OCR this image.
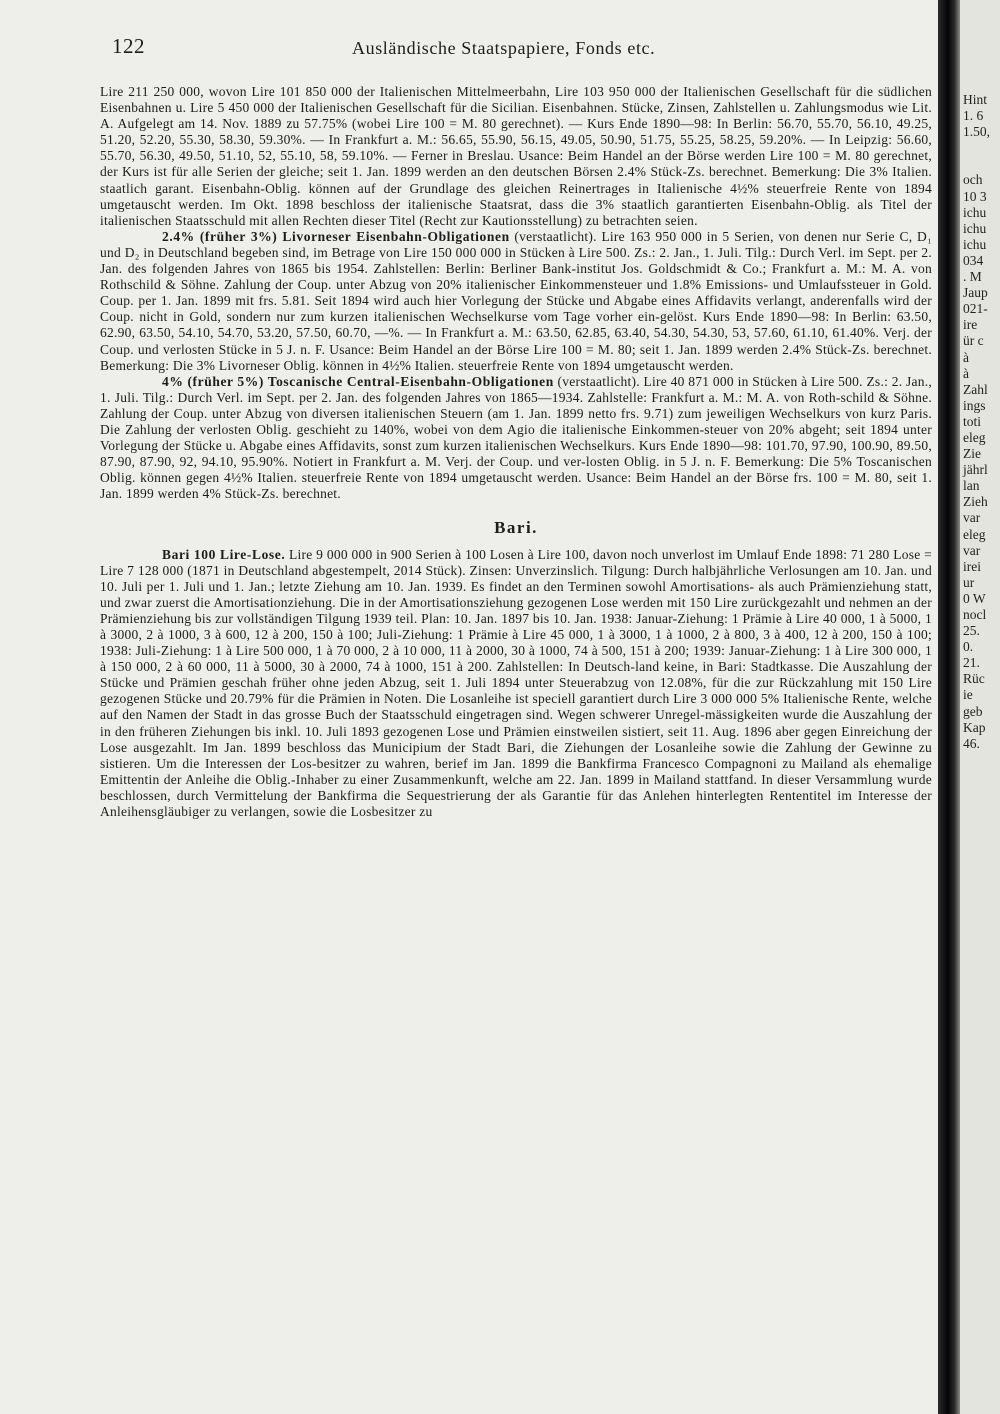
122	Ausländische Staatspapiere, Fonds etc.

Lire 211 250 000, wovon Lire 101 850 000 der Italienischen Mittelmeerbahn, Lire 103 950 000 der Italienischen Gesellschaft für die südlichen Eisenbahnen u. Lire 5 450 000 der Italienischen Gesellschaft für die Sicilian. Eisenbahnen. Stücke, Zinsen, Zahlstellen u. Zahlungsmodus wie Lit. A. Aufgelegt am 14. Nov. 1889 zu 57.75% (wobei Lire 100 = M. 80 gerechnet). — Kurs Ende 1890—98: In Berlin: 56.70, 55.70, 56.10, 49.25, 51.20, 52.20, 55.30, 58.30, 59.30%. — In Frankfurt a. M.: 56.65, 55.90, 56.15, 49.05, 50.90, 51.75, 55.25, 58.25, 59.20%. — In Leipzig: 56.60, 55.70, 56.30, 49.50, 51.10, 52, 55.10, 58, 59.10%. — Ferner in Breslau. Usance: Beim Handel an der Börse werden Lire 100 = M. 80 gerechnet, der Kurs ist für alle Serien der gleiche; seit 1. Jan. 1899 werden an den deutschen Börsen 2.4% Stück-Zs. berechnet. Bemerkung: Die 3% Italien. staatlich garant. Eisenbahn-Oblig. können auf der Grundlage des gleichen Reinertrages in Italienische 4½% steuerfreie Rente von 1894 umgetauscht werden. Im Okt. 1898 beschloss der italienische Staatsrat, dass die 3% staatlich garantierten Eisenbahn-Oblig. als Titel der italienischen Staatsschuld mit allen Rechten dieser Titel (Recht zur Kautionsstellung) zu betrachten seien.

2.4% (früher 3%) Livorneser Eisenbahn-Obligationen (verstaatlicht). Lire 163 950 000 in 5 Serien, von denen nur Serie C, D₁ und D₂ in Deutschland begeben sind, im Betrage von Lire 150 000 000 in Stücken à Lire 500. Zs.: 2. Jan., 1. Juli. Tilg.: Durch Verl. im Sept. per 2. Jan. des folgenden Jahres von 1865 bis 1954. Zahlstellen: Berlin: Berliner Bank-institut Jos. Goldschmidt & Co.; Frankfurt a. M.: M. A. von Rothschild & Söhne. Zahlung der Coup. unter Abzug von 20% italienischer Einkommensteuer und 1.8% Emissions- und Umlaufssteuer in Gold. Coup. per 1. Jan. 1899 mit frs. 5.81. Seit 1894 wird auch hier Vorlegung der Stücke und Abgabe eines Affidavits verlangt, anderenfalls wird der Coup. nicht in Gold, sondern nur zum kurzen italienischen Wechselkurse vom Tage vorher ein-gelöst. Kurs Ende 1890—98: In Berlin: 63.50, 62.90, 63.50, 54.10, 54.70, 53.20, 57.50, 60.70, —%. — In Frankfurt a. M.: 63.50, 62.85, 63.40, 54.30, 54.30, 53, 57.60, 61.10, 61.40%. Verj. der Coup. und verlosten Stücke in 5 J. n. F. Usance: Beim Handel an der Börse Lire 100 = M. 80; seit 1. Jan. 1899 werden 2.4% Stück-Zs. berechnet. Bemerkung: Die 3% Livorneser Oblig. können in 4½% Italien. steuerfreie Rente von 1894 umgetauscht werden.

4% (früher 5%) Toscanische Central-Eisenbahn-Obligationen (verstaatlicht). Lire 40 871 000 in Stücken à Lire 500. Zs.: 2. Jan., 1. Juli. Tilg.: Durch Verl. im Sept. per 2. Jan. des folgenden Jahres von 1865—1934. Zahlstelle: Frankfurt a. M.: M. A. von Roth-schild & Söhne. Zahlung der Coup. unter Abzug von diversen italienischen Steuern (am 1. Jan. 1899 netto frs. 9.71) zum jeweiligen Wechselkurs von kurz Paris. Die Zahlung der verlosten Oblig. geschieht zu 140%, wobei von dem Agio die italienische Einkommen-steuer von 20% abgeht; seit 1894 unter Vorlegung der Stücke u. Abgabe eines Affidavits, sonst zum kurzen italienischen Wechselkurs. Kurs Ende 1890—98: 101.70, 97.90, 100.90, 89.50, 87.90, 87.90, 92, 94.10, 95.90%. Notiert in Frankfurt a. M. Verj. der Coup. und ver-losten Oblig. in 5 J. n. F. Bemerkung: Die 5% Toscanischen Oblig. können gegen 4½% Italien. steuerfreie Rente von 1894 umgetauscht werden. Usance: Beim Handel an der Börse frs. 100 = M. 80, seit 1. Jan. 1899 werden 4% Stück-Zs. berechnet.

Bari.

Bari 100 Lire-Lose. Lire 9 000 000 in 900 Serien à 100 Losen à Lire 100, davon noch unverlost im Umlauf Ende 1898: 71 280 Lose = Lire 7 128 000 (1871 in Deutschland abgestempelt, 2014 Stück). Zinsen: Unverzinslich. Tilgung: Durch halbjährliche Verlosungen am 10. Jan. und 10. Juli per 1. Juli und 1. Jan.; letzte Ziehung am 10. Jan. 1939. Es findet an den Terminen sowohl Amortisations- als auch Prämienziehung statt, und zwar zuerst die Amortisationziehung. Die in der Amortisationsziehung gezogenen Lose werden mit 150 Lire zurückgezahlt und nehmen an der Prämienziehung bis zur vollständigen Tilgung 1939 teil. Plan: 10. Jan. 1897 bis 10. Jan. 1938: Januar-Ziehung: 1 Prämie à Lire 40 000, 1 à 5000, 1 à 3000, 2 à 1000, 3 à 600, 12 à 200, 150 à 100; Juli-Ziehung: 1 Prämie à Lire 45 000, 1 à 3000, 1 à 1000, 2 à 800, 3 à 400, 12 à 200, 150 à 100; 1938: Juli-Ziehung: 1 à Lire 500 000, 1 à 70 000, 2 à 10 000, 11 à 2000, 30 à 1000, 74 à 500, 151 à 200; 1939: Januar-Ziehung: 1 à Lire 300 000, 1 à 150 000, 2 à 60 000, 11 à 5000, 30 à 2000, 74 à 1000, 151 à 200. Zahlstellen: In Deutsch-land keine, in Bari: Stadtkasse. Die Auszahlung der Stücke und Prämien geschah früher ohne jeden Abzug, seit 1. Juli 1894 unter Steuerabzug von 12.08%, für die zur Rückzahlung mit 150 Lire gezogenen Stücke und 20.79% für die Prämien in Noten. Die Losanleihe ist speciell garantiert durch Lire 3 000 000 5% Italienische Rente, welche auf den Namen der Stadt in das grosse Buch der Staatsschuld eingetragen sind. Wegen schwerer Unregel-mässigkeiten wurde die Auszahlung der in den früheren Ziehungen bis inkl. 10. Juli 1893 gezogenen Lose und Prämien einstweilen sistiert, seit 11. Aug. 1896 aber gegen Einreichung der Lose ausgezahlt. Im Jan. 1899 beschloss das Municipium der Stadt Bari, die Ziehungen der Losanleihe sowie die Zahlung der Gewinne zu sistieren. Um die Interessen der Los-besitzer zu wahren, berief im Jan. 1899 die Bankfirma Francesco Compagnoni zu Mailand als ehemalige Emittentin der Anleihe die Oblig.-Inhaber zu einer Zusammenkunft, welche am 22. Jan. 1899 in Mailand stattfand. In dieser Versammlung wurde beschlossen, durch Vermittelung der Bankfirma die Sequestrierung der als Garantie für das Anlehen hinterlegten Rententitel im Interesse der Anleihensgläubiger zu verlangen, sowie die Losbesitzer zu

Hint
1. 6
1.50,
och
10 3
ichu
ichu
ichu
034
. M
Jaup
021-
ire
ür c
à
à
Zahl
ings
toti
eleg
Zie
jährl
lan
Zieh
var
eleg
var
irei
ur
0 W
nocl
25.
0.
21.
Rüc
ie
geb
Kap
46.
